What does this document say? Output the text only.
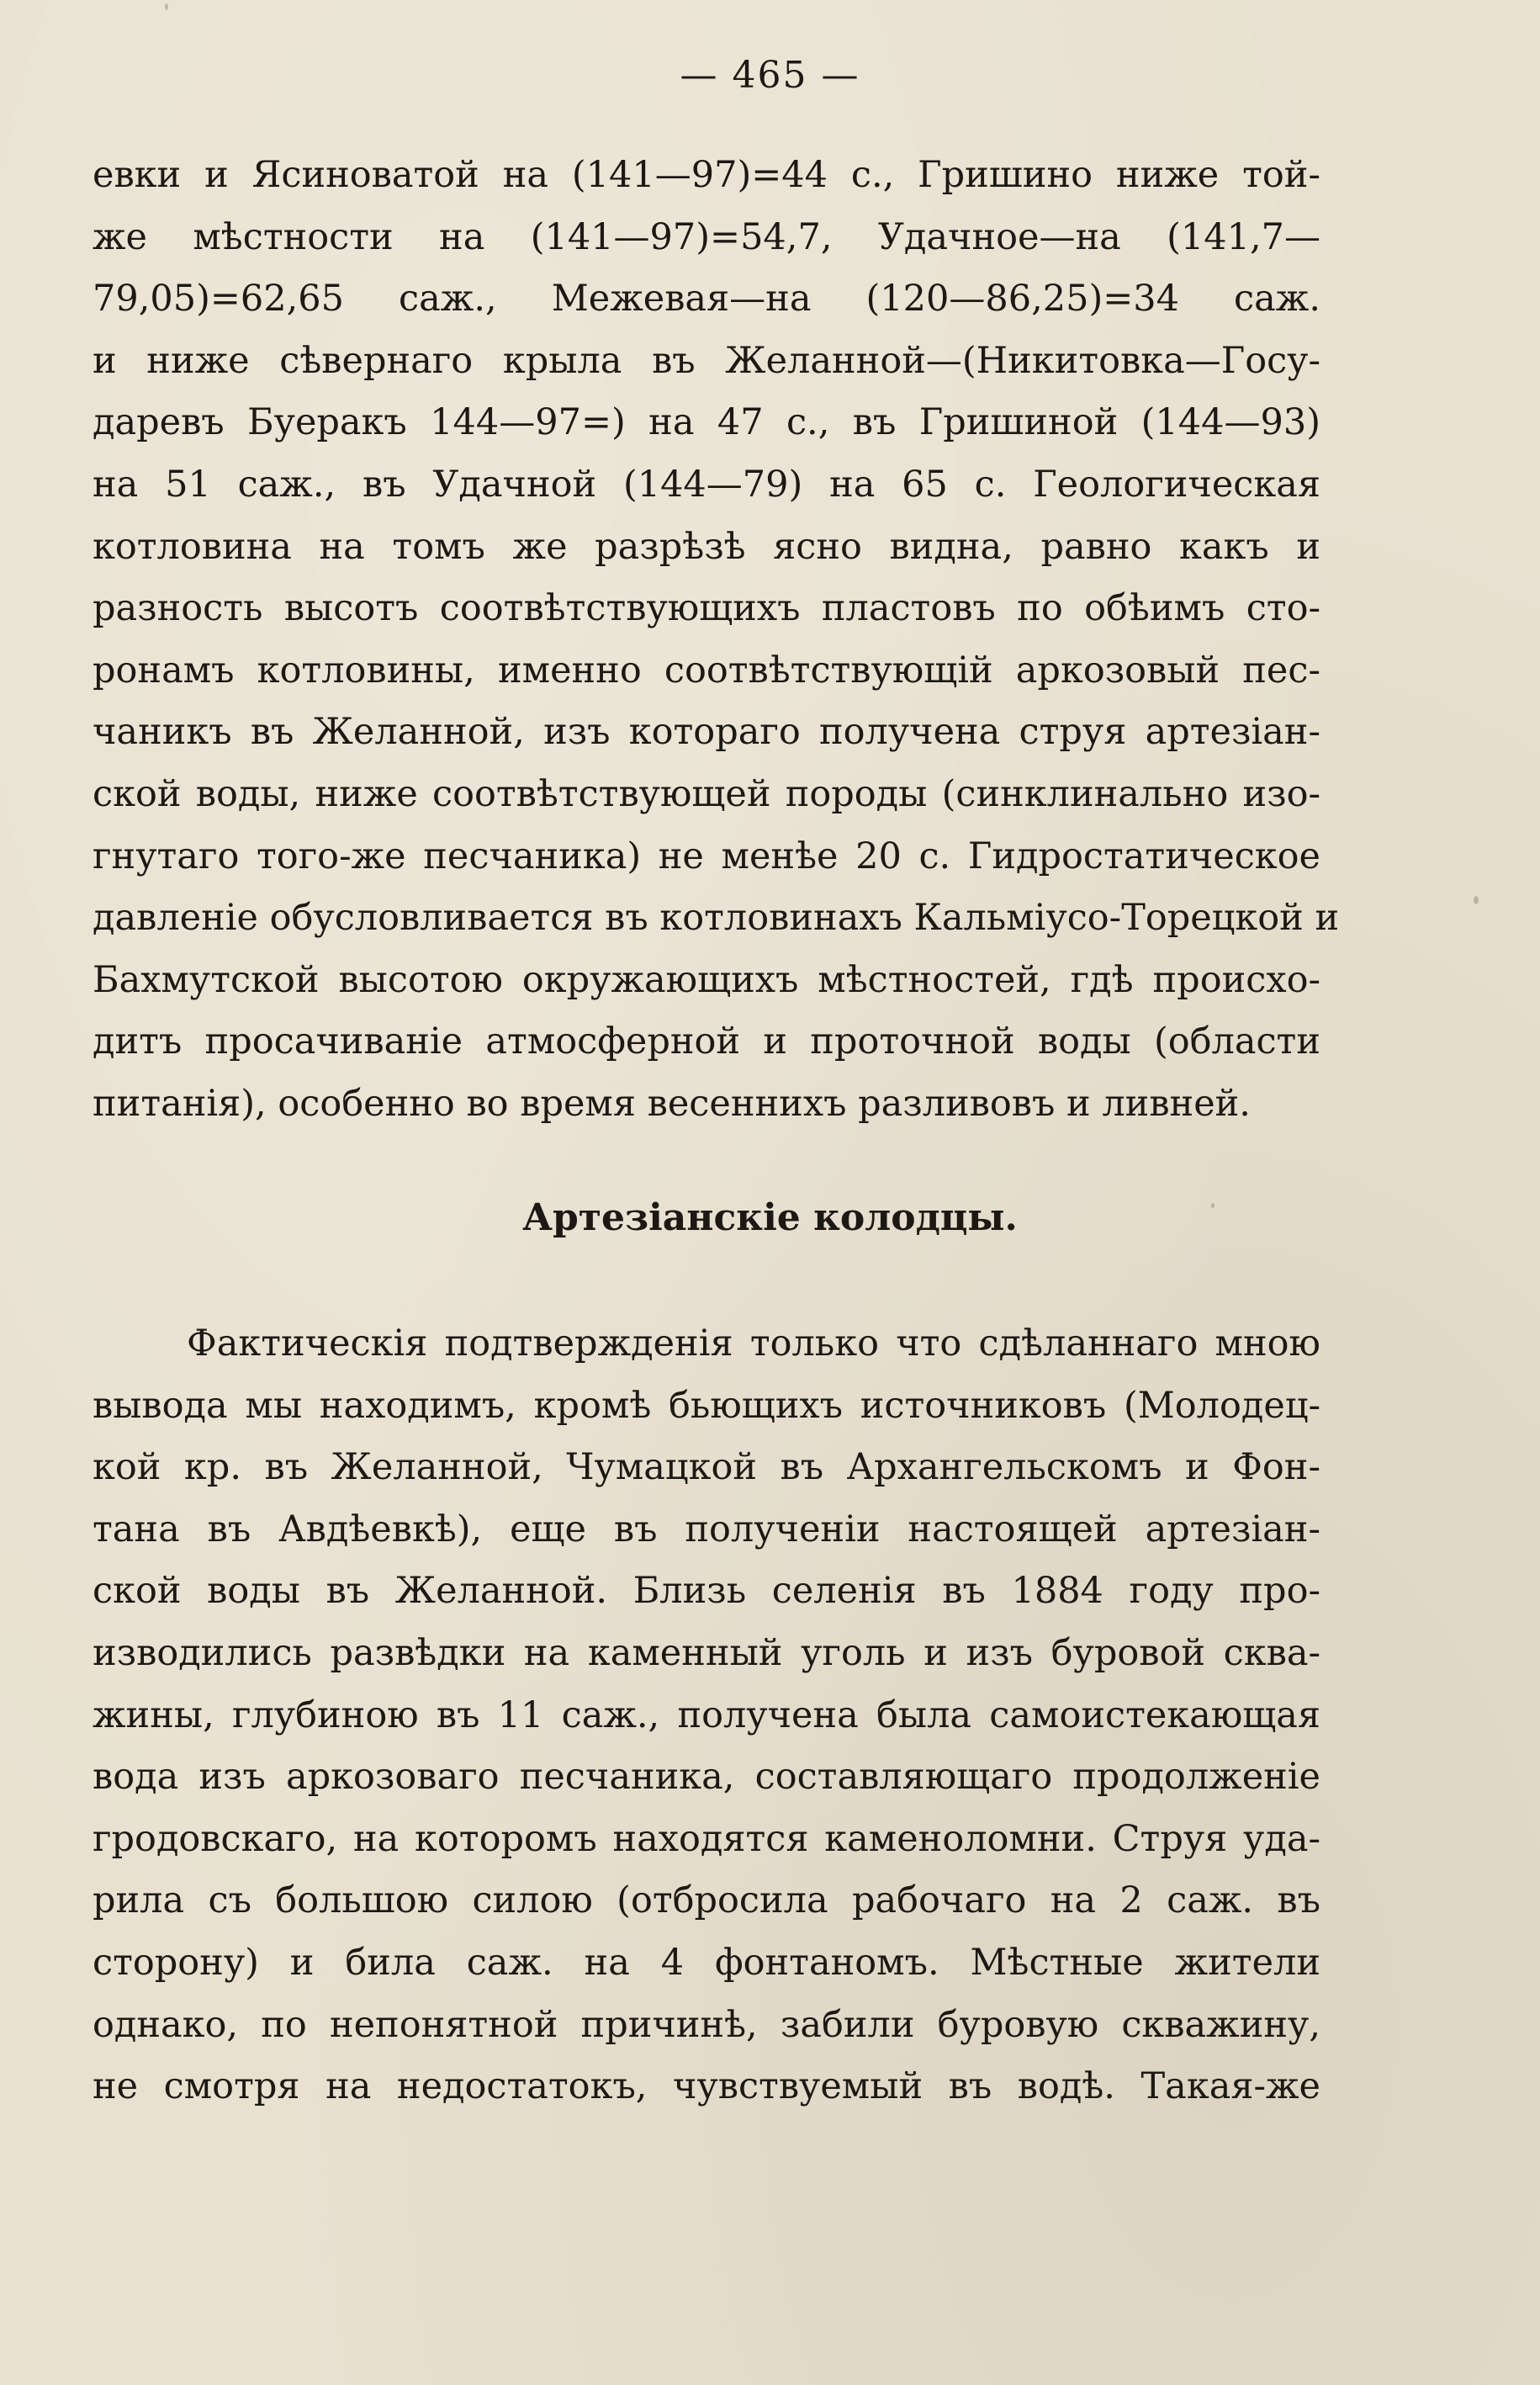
— 465 —
евки и Ясиноватой на (141—97)=44 с., Гришино ниже той-
же мѣстности на (141—97)=54,7, Удачное—на (141,7—
79,05)=62,65 саж., Межевая—на (120—86,25)=34 саж.
и ниже сѣвернаго крыла въ Желанной—(Никитовка—Госу-
даревъ Буеракъ 144—97=) на 47 с., въ Гришиной (144—93)
на 51 саж., въ Удачной (144—79) на 65 с. Геологическая
котловина на томъ же разрѣзѣ ясно видна, равно какъ и
разность высотъ соотвѣтствующихъ пластовъ по обѣимъ сто-
ронамъ котловины, именно соотвѣтствующій аркозовый пес-
чаникъ въ Желанной, изъ котораго получена струя артезіан-
ской воды, ниже соотвѣтствующей породы (синклинально изо-
гнутаго того-же песчаника) не менѣе 20 с. Гидростатическое
давленіе обусловливается въ котловинахъ Кальміусо-Торецкой и
Бахмутской высотою окружающихъ мѣстностей, гдѣ происхо-
дитъ просачиваніе атмосферной и проточной воды (области
питанія), особенно во время весеннихъ разливовъ и ливней.
Артезіанскіе колодцы.
Фактическія подтвержденія только что сдѣланнаго мною
вывода мы находимъ, кромѣ бьющихъ источниковъ (Молодец-
кой кр. въ Желанной, Чумацкой въ Архангельскомъ и Фон-
тана въ Авдѣевкѣ), еще въ полученіи настоящей артезіан-
ской воды въ Желанной. Близь селенія въ 1884 году про-
изводились развѣдки на каменный уголь и изъ буровой сква-
жины, глубиною въ 11 саж., получена была самоистекающая
вода изъ аркозоваго песчаника, составляющаго продолженіе
гродовскаго, на которомъ находятся каменоломни. Струя уда-
рила съ большою силою (отбросила рабочаго на 2 саж. въ
сторону) и била саж. на 4 фонтаномъ. Мѣстные жители
однако, по непонятной причинѣ, забили буровую скважину,
не смотря на недостатокъ, чувствуемый въ водѣ. Такая-же
